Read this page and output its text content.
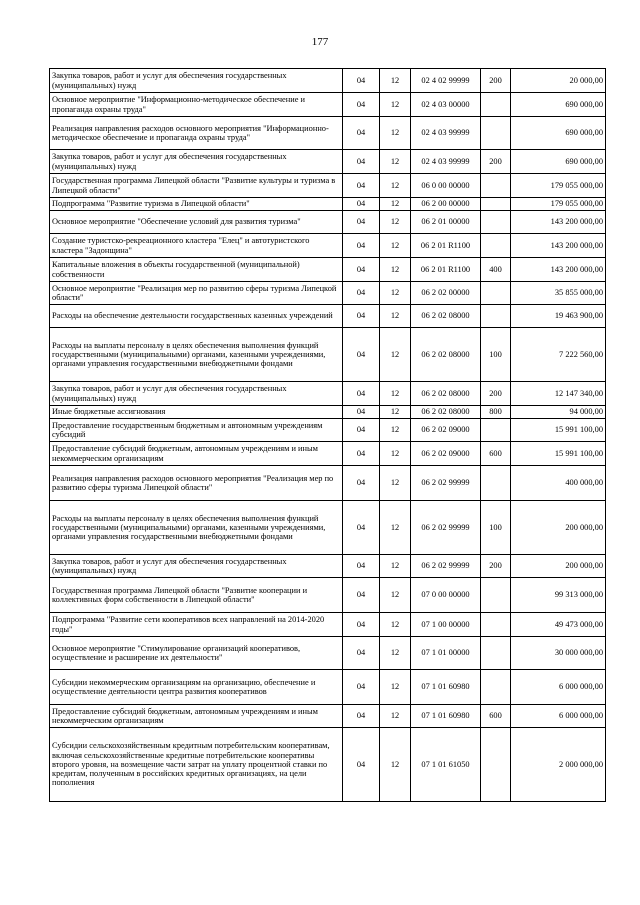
177
Закупка товаров, работ и услуг для обеспечения государственных (муниципальных) нужд	04	12	02 4 02 99999	200	20 000,00
Основное мероприятие "Информационно-методическое обеспечение и пропаганда охраны труда"	04	12	02 4 03 00000		690 000,00
Реализация направления расходов основного мероприятия "Информационно-методическое обеспечение и пропаганда охраны труда"	04	12	02 4 03 99999		690 000,00
Закупка товаров, работ и услуг для обеспечения государственных (муниципальных) нужд	04	12	02 4 03 99999	200	690 000,00
Государственная программа Липецкой области "Развитие культуры и туризма в Липецкой области"	04	12	06 0 00 00000		179 055 000,00
Подпрограмма "Развитие туризма в Липецкой области"	04	12	06 2 00 00000		179 055 000,00
Основное мероприятие "Обеспечение условий для развития туризма"	04	12	06 2 01 00000		143 200 000,00
Создание туристско-рекреационного кластера "Елец" и автотуристского кластера "Задонщина"	04	12	06 2 01 R1100		143 200 000,00
Капитальные вложения в объекты государственной (муниципальной) собственности	04	12	06 2 01 R1100	400	143 200 000,00
Основное мероприятие "Реализация мер по развитию сферы туризма Липецкой области"	04	12	06 2 02 00000		35 855 000,00
Расходы на обеспечение деятельности государственных казенных учреждений	04	12	06 2 02 08000		19 463 900,00
Расходы на выплаты персоналу в целях обеспечения выполнения функций государственными (муниципальными) органами, казенными учреждениями, органами управления государственными внебюджетными фондами	04	12	06 2 02 08000	100	7 222 560,00
Закупка товаров, работ и услуг для обеспечения государственных (муниципальных) нужд	04	12	06 2 02 08000	200	12 147 340,00
Иные бюджетные ассигнования	04	12	06 2 02 08000	800	94 000,00
Предоставление государственным бюджетным и автономным учреждениям субсидий	04	12	06 2 02 09000		15 991 100,00
Предоставление субсидий бюджетным, автономным учреждениям и иным некоммерческим организациям	04	12	06 2 02 09000	600	15 991 100,00
Реализация направления расходов основного мероприятия "Реализация мер по развитию сферы туризма Липецкой области"	04	12	06 2 02 99999		400 000,00
Расходы на выплаты персоналу в целях обеспечения выполнения функций государственными (муниципальными) органами, казенными учреждениями, органами управления государственными внебюджетными фондами	04	12	06 2 02 99999	100	200 000,00
Закупка товаров, работ и услуг для обеспечения государственных (муниципальных) нужд	04	12	06 2 02 99999	200	200 000,00
Государственная программа Липецкой области "Развитие кооперации и коллективных форм собственности в Липецкой области"	04	12	07 0 00 00000		99 313 000,00
Подпрограмма "Развитие сети кооперативов всех направлений на 2014-2020 годы"	04	12	07 1 00 00000		49 473 000,00
Основное мероприятие "Стимулирование организаций кооперативов, осуществление и расширение их деятельности"	04	12	07 1 01 00000		30 000 000,00
Субсидии некоммерческим организациям на организацию, обеспечение и осуществление деятельности центра развития кооперативов	04	12	07 1 01 60980		6 000 000,00
Предоставление субсидий бюджетным, автономным учреждениям и иным некоммерческим организациям	04	12	07 1 01 60980	600	6 000 000,00
Субсидии сельскохозяйственным кредитным потребительским кооперативам, включая сельскохозяйственные кредитные потребительские кооперативы второго уровня, на возмещение части затрат на уплату процентной ставки по кредитам, полученным в российских кредитных организациях, на цели пополнения	04	12	07 1 01 61050		2 000 000,00
